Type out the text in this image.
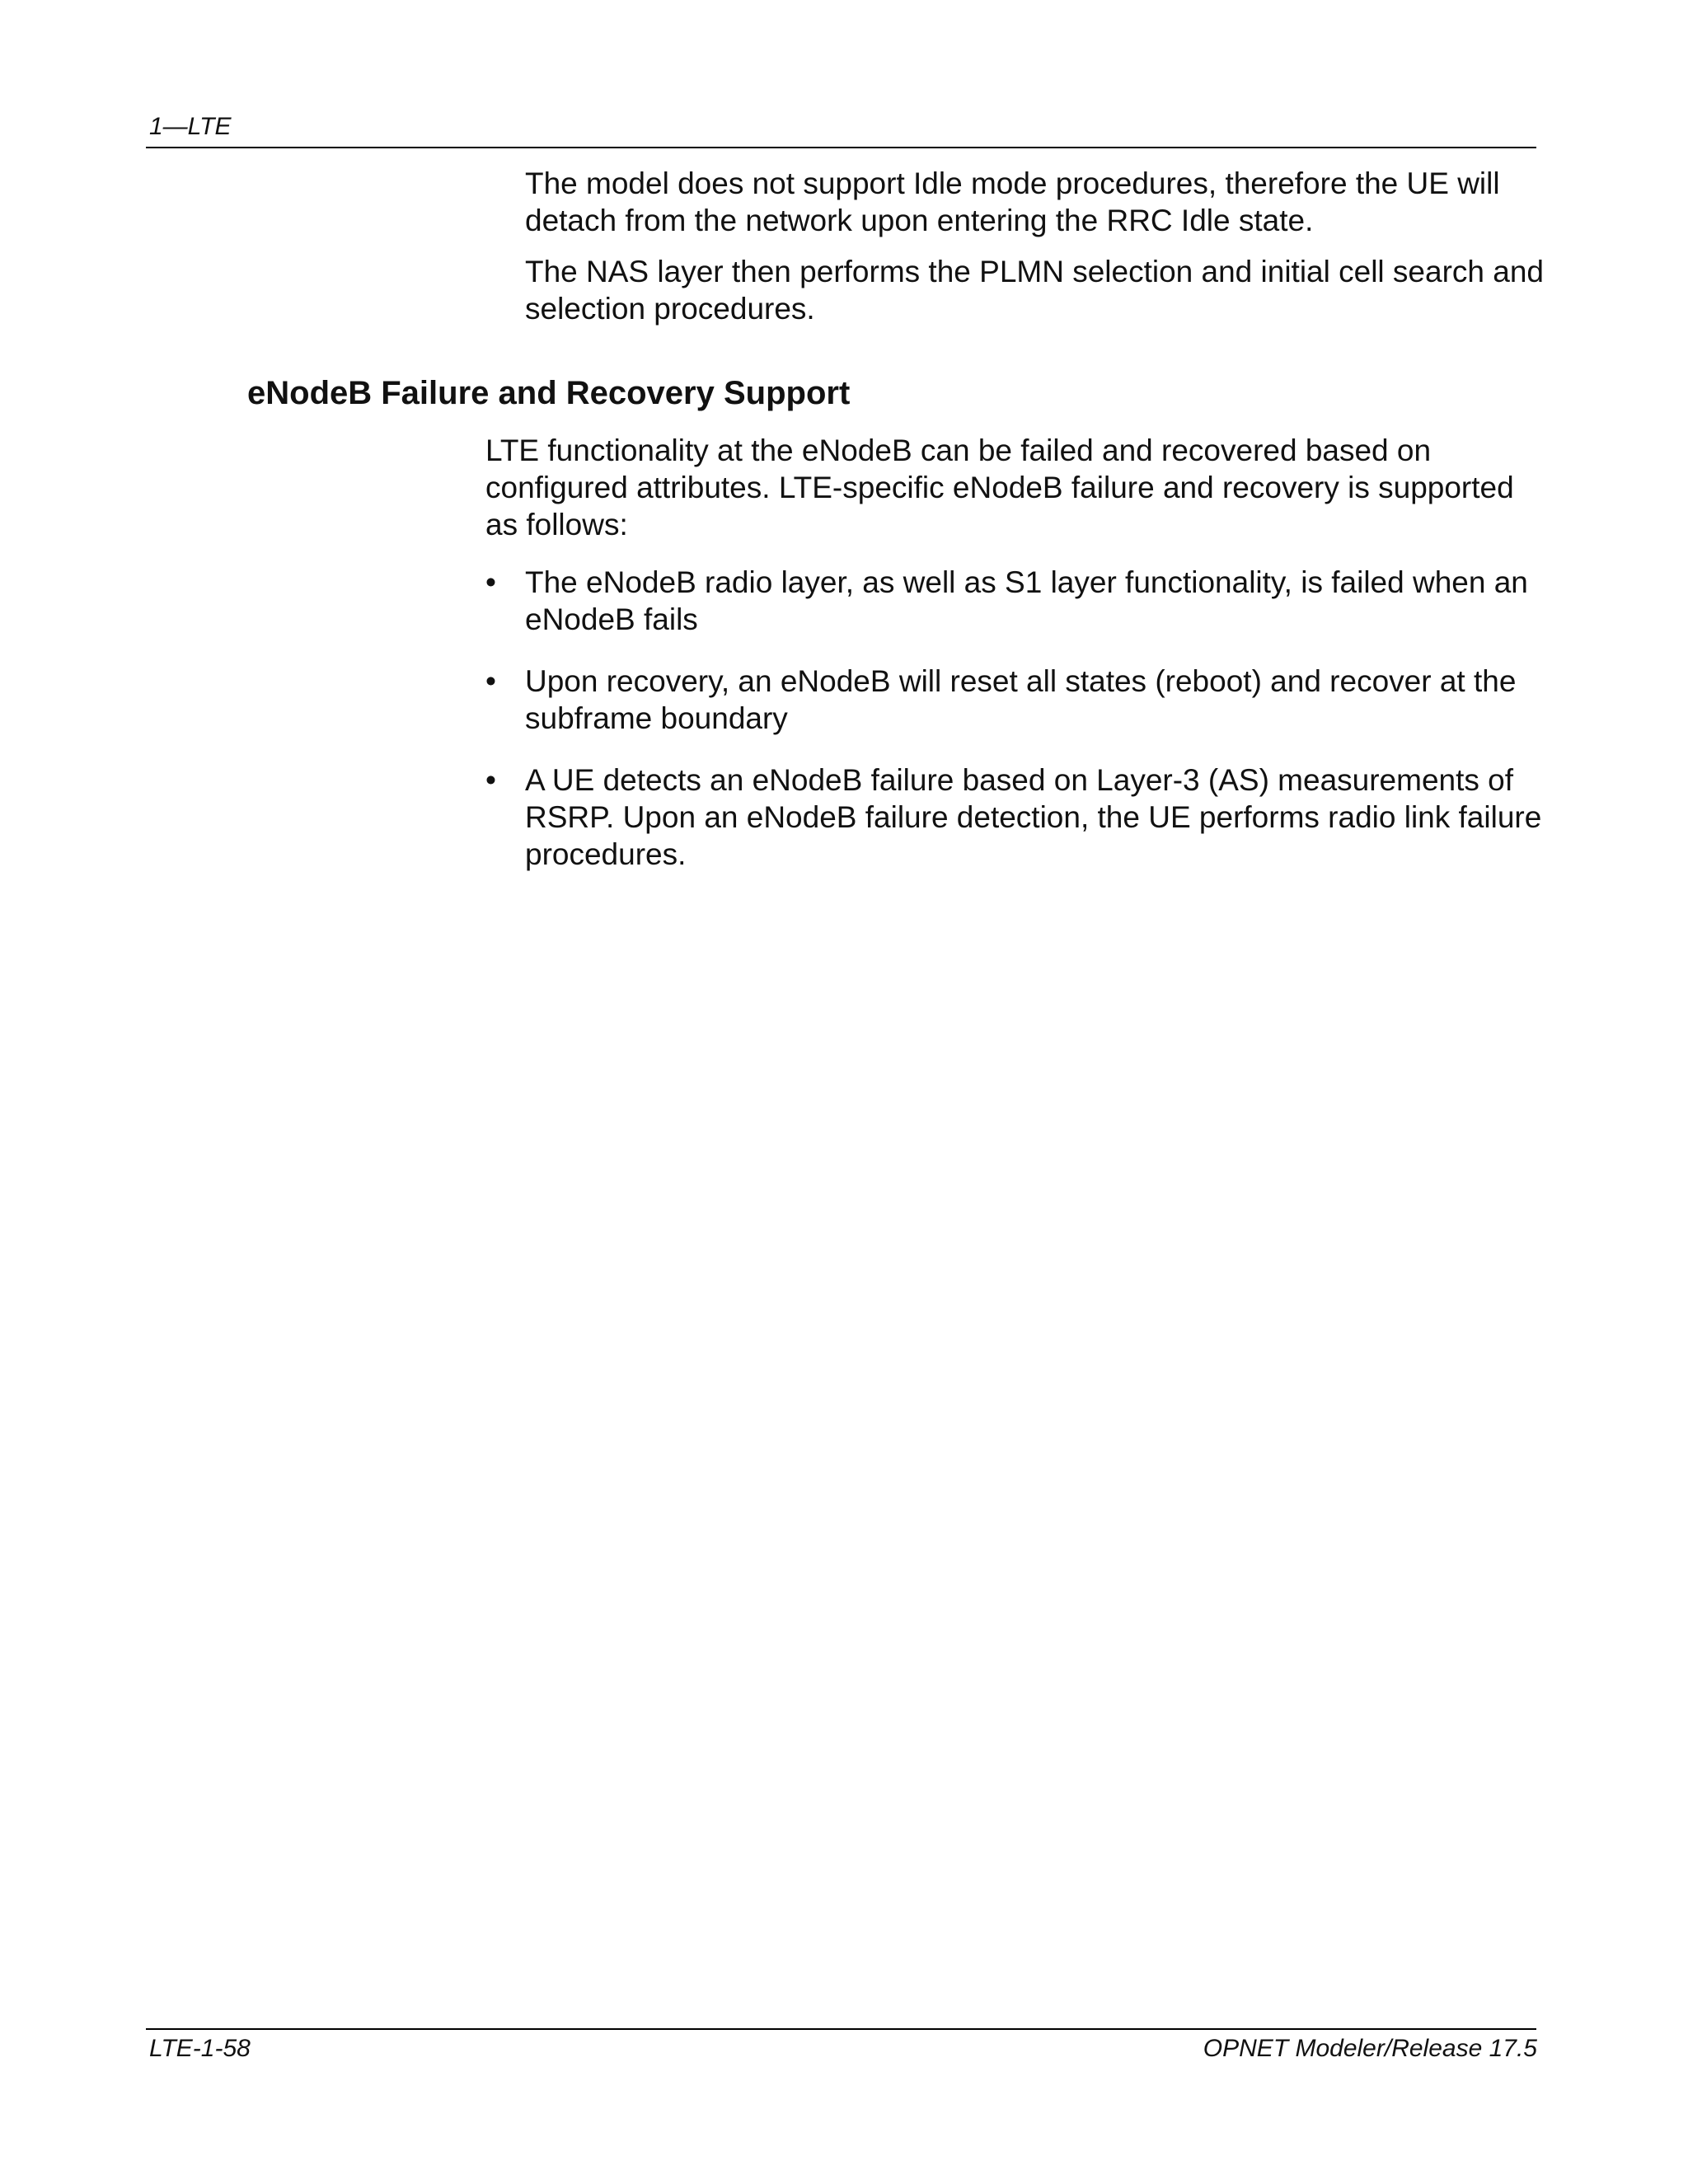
1—LTE

The model does not support Idle mode procedures, therefore the UE will detach from the network upon entering the RRC Idle state.

The NAS layer then performs the PLMN selection and initial cell search and selection procedures.

eNodeB Failure and Recovery Support

LTE functionality at the eNodeB can be failed and recovered based on configured attributes. LTE-specific eNodeB failure and recovery is supported as follows:

• The eNodeB radio layer, as well as S1 layer functionality, is failed when an eNodeB fails
• Upon recovery, an eNodeB will reset all states (reboot) and recover at the subframe boundary
• A UE detects an eNodeB failure based on Layer-3 (AS) measurements of RSRP. Upon an eNodeB failure detection, the UE performs radio link failure procedures.
LTE-1-58	OPNET Modeler/Release 17.5
